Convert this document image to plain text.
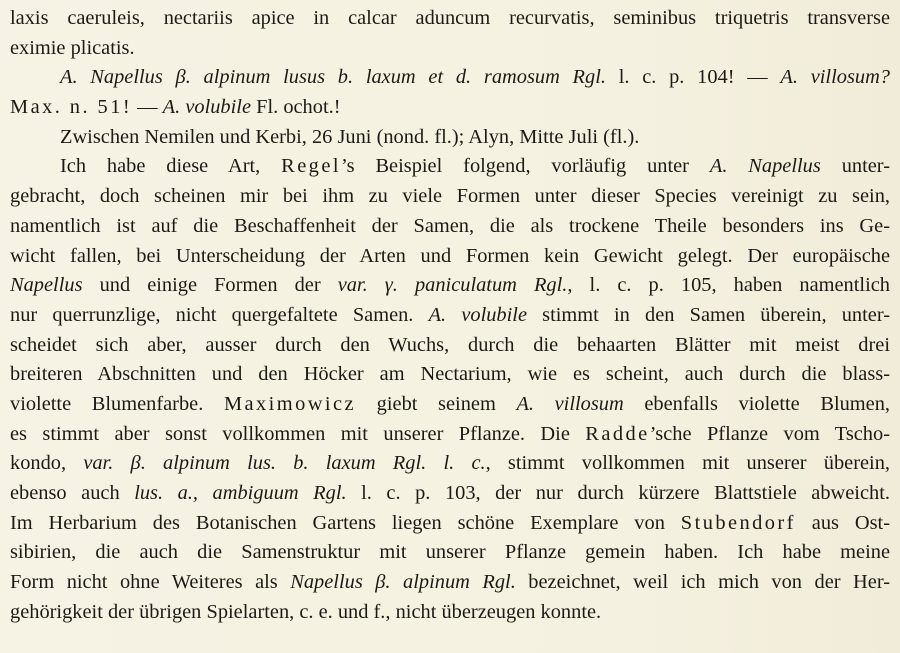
laxis caeruleis, nectariis apice in calcar aduncum recurvatis, seminibus triquetris transverse
eximie plicatis.
A. Napellus β. alpinum lusus b. laxum et d. ramosum Rgl. l. c. p. 104! — A. villosum?
Max. n. 51! — A. volubile Fl. ochot.!
Zwischen Nemilen und Kerbi, 26 Juni (nond. fl.); Alyn, Mitte Juli (fl.).
Ich habe diese Art, Regel’s Beispiel folgend, vorläufig unter A. Napellus unter-
gebracht, doch scheinen mir bei ihm zu viele Formen unter dieser Species vereinigt zu sein,
namentlich ist auf die Beschaffenheit der Samen, die als trockene Theile besonders ins Ge-
wicht fallen, bei Unterscheidung der Arten und Formen kein Gewicht gelegt. Der europäische
Napellus und einige Formen der var. γ. paniculatum Rgl., l. c. p. 105, haben namentlich
nur querrunzlige, nicht quergefaltete Samen. A. volubile stimmt in den Samen überein, unter-
scheidet sich aber, ausser durch den Wuchs, durch die behaarten Blätter mit meist drei
breiteren Abschnitten und den Höcker am Nectarium, wie es scheint, auch durch die blass-
violette Blumenfarbe. Maximowicz giebt seinem A. villosum ebenfalls violette Blumen,
es stimmt aber sonst vollkommen mit unserer Pflanze. Die Radde’sche Pflanze vom Tscho-
kondo, var. β. alpinum lus. b. laxum Rgl. l. c., stimmt vollkommen mit unserer überein,
ebenso auch lus. a., ambiguum Rgl. l. c. p. 103, der nur durch kürzere Blattstiele abweicht.
Im Herbarium des Botanischen Gartens liegen schöne Exemplare von Stubendorf aus Ost-
sibirien, die auch die Samenstruktur mit unserer Pflanze gemein haben. Ich habe meine
Form nicht ohne Weiteres als Napellus β. alpinum Rgl. bezeichnet, weil ich mich von der Her-
gehörigkeit der übrigen Spielarten, c. e. und f., nicht überzeugen konnte.
